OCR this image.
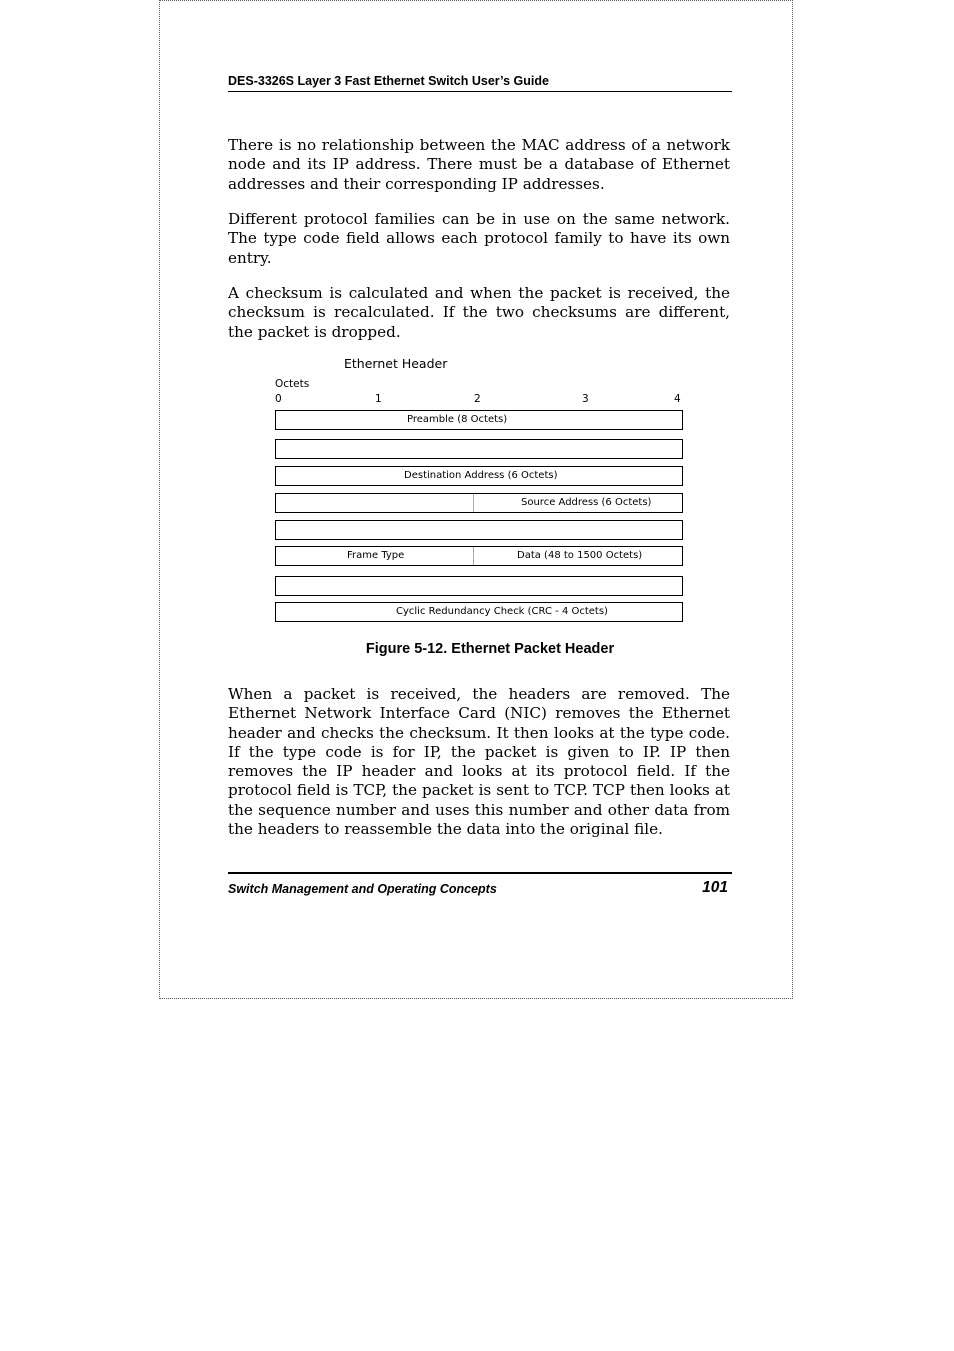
DES-3326S Layer 3 Fast Ethernet Switch User’s Guide

There is no relationship between the MAC address of a network node and its IP address. There must be a database of Ethernet addresses and their corresponding IP addresses.

Different protocol families can be in use on the same network. The type code field allows each protocol family to have its own entry.

A checksum is calculated and when the packet is received, the checksum is recalculated. If the two checksums are different, the packet is dropped.

Ethernet Header
Octets
0	1	2	3	4
Preamble (8 Octets)
Destination Address (6 Octets)
Source Address (6 Octets)
Frame Type	Data (48 to 1500 Octets)
Cyclic Redundancy Check (CRC - 4 Octets)
Figure 5-12. Ethernet Packet Header

When a packet is received, the headers are removed. The Ethernet Network Interface Card (NIC) removes the Ethernet header and checks the checksum. It then looks at the type code. If the type code is for IP, the packet is given to IP. IP then removes the IP header and looks at its protocol field. If the protocol field is TCP, the packet is sent to TCP. TCP then looks at the sequence number and uses this number and other data from the headers to reassemble the data into the original file.

Switch Management and Operating Concepts	101
